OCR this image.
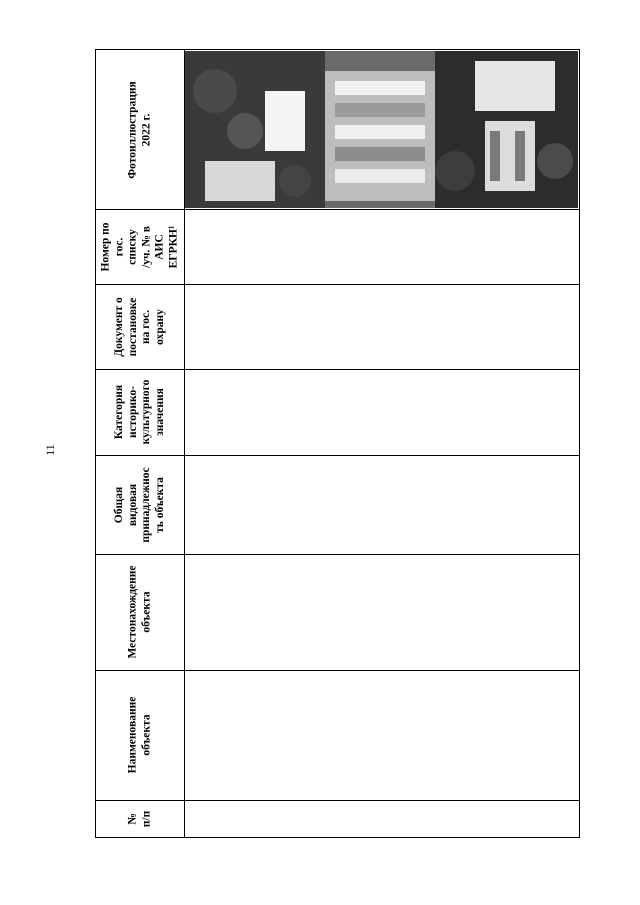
11
Фотоиллюстрация
2022 г.
Номер по
гос.
списку
/уч. № в
АИС
ЕГРКН¹
Документ о
постановке
на гос.
охрану
Категория
историко-
культурного
значения
Общая
видовая
принадлежнос
ть объекта
Местонахождение
объекта
Наименование
объекта
№
п/п
